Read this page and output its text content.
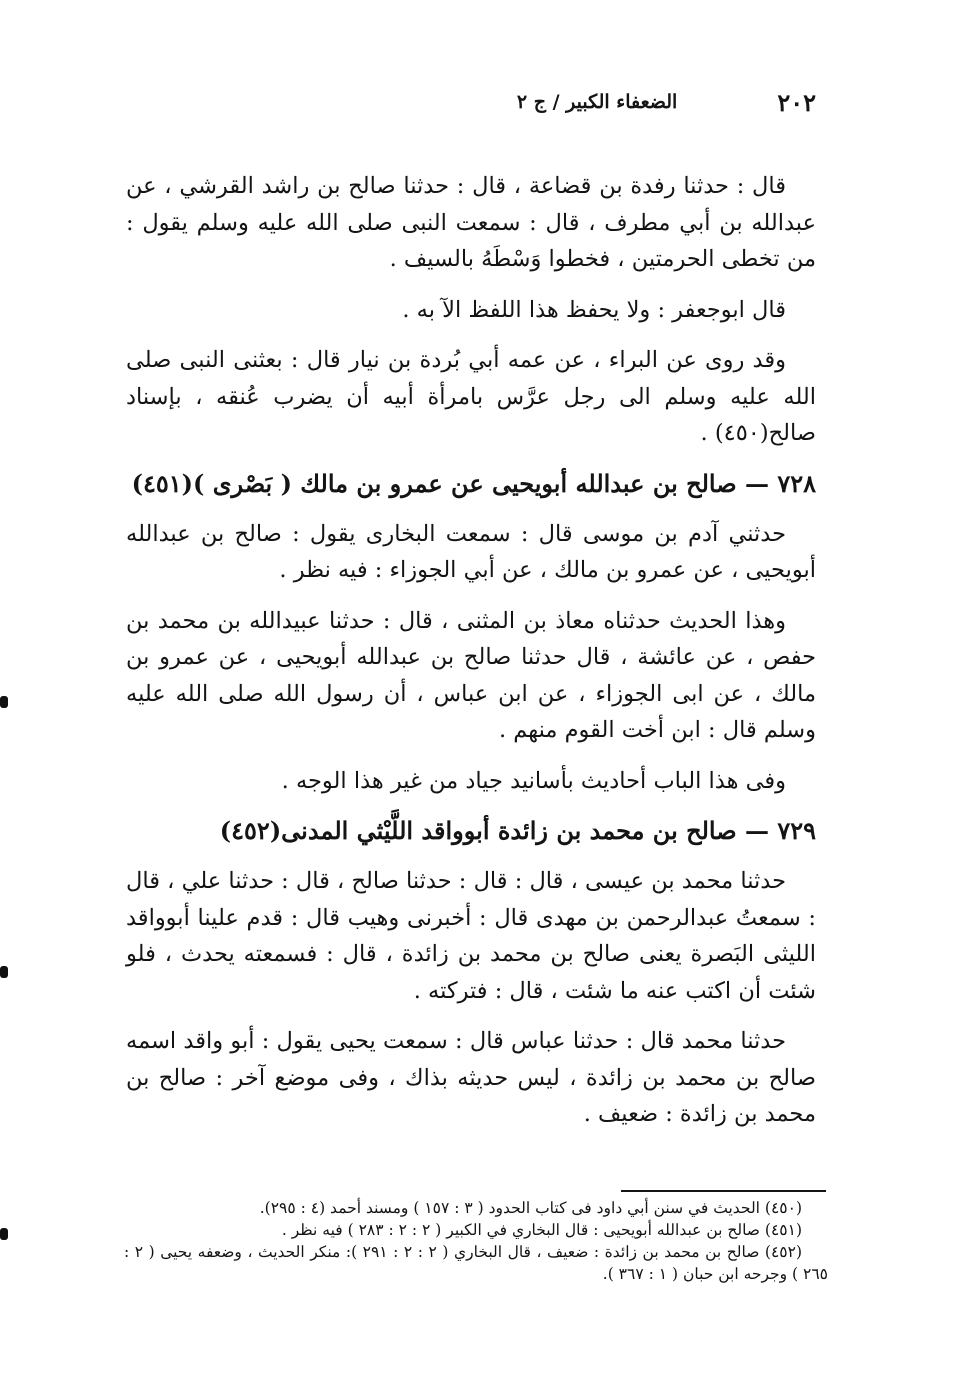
٢٠٢
الضعفاء الكبير / ج ٢

قال : حدثنا رفدة بن قضاعة ، قال : حدثنا صالح بن راشد القرشي ، عن عبدالله بن أبي مطرف ، قال : سمعت النبى صلى الله عليه وسلم يقول : من تخطى الحرمتين ، فخطوا وَسْطَهُ بالسيف .

قال ابوجعفر : ولا يحفظ هذا اللفظ الآ به .

وقد روى عن البراء ، عن عمه أبي بُردة بن نيار قال : بعثنى النبى صلى الله عليه وسلم الى رجل عرَّس بامرأة أبيه أن يضرب عُنقه ، بإسناد صالح(٤٥٠) .

٧٢٨ — صالح بن عبدالله أبويحيى عن عمرو بن مالك ( بَصْرى )(٤٥١)

حدثني آدم بن موسى قال : سمعت البخارى يقول : صالح بن عبدالله أبويحيى ، عن عمرو بن مالك ، عن أبي الجوزاء : فيه نظر .

وهذا الحديث حدثناه معاذ بن المثنى ، قال : حدثنا عبيدالله بن محمد بن حفص ، عن عائشة ، قال حدثنا صالح بن عبدالله أبويحيى ، عن عمرو بن مالك ، عن ابى الجوزاء ، عن ابن عباس ، أن رسول الله صلى الله عليه وسلم قال : ابن أخت القوم منهم .

وفى هذا الباب أحاديث بأسانيد جياد من غير هذا الوجه .

٧٢٩ — صالح بن محمد بن زائدة أبوواقد اللَّيْثي المدنى(٤٥٢)

حدثنا محمد بن عيسى ، قال : قال : حدثنا صالح ، قال : حدثنا علي ، قال : سمعتُ عبدالرحمن بن مهدى قال : أخبرنى وهيب قال : قدم علينا أبوواقد الليثى البَصرة يعنى صالح بن محمد بن زائدة ، قال : فسمعته يحدث ، فلو شئت أن اكتب عنه ما شئت ، قال : فتركته .

حدثنا محمد قال : حدثنا عباس قال : سمعت يحيى يقول : أبو واقد اسمه صالح بن محمد بن زائدة ، ليس حديثه بذاك ، وفى موضع آخر : صالح بن محمد بن زائدة : ضعيف .

(٤٥٠) الحديث في سنن أبي داود فى كتاب الحدود ( ٣ : ١٥٧ ) ومسند أحمد (٤ : ٢٩٥).

(٤٥١) صالح بن عبدالله أبويحيى : قال البخاري في الكبير ( ٢ : ٢ : ٢٨٣ ) فيه نظر .

(٤٥٢) صالح بن محمد بن زائدة : ضعيف ، قال البخاري ( ٢ : ٢ : ٢٩١ ): منكر الحديث ، وضعفه يحيى ( ٢ : ٢٦٥ ) وجرحه ابن حبان ( ١ : ٣٦٧ ).
